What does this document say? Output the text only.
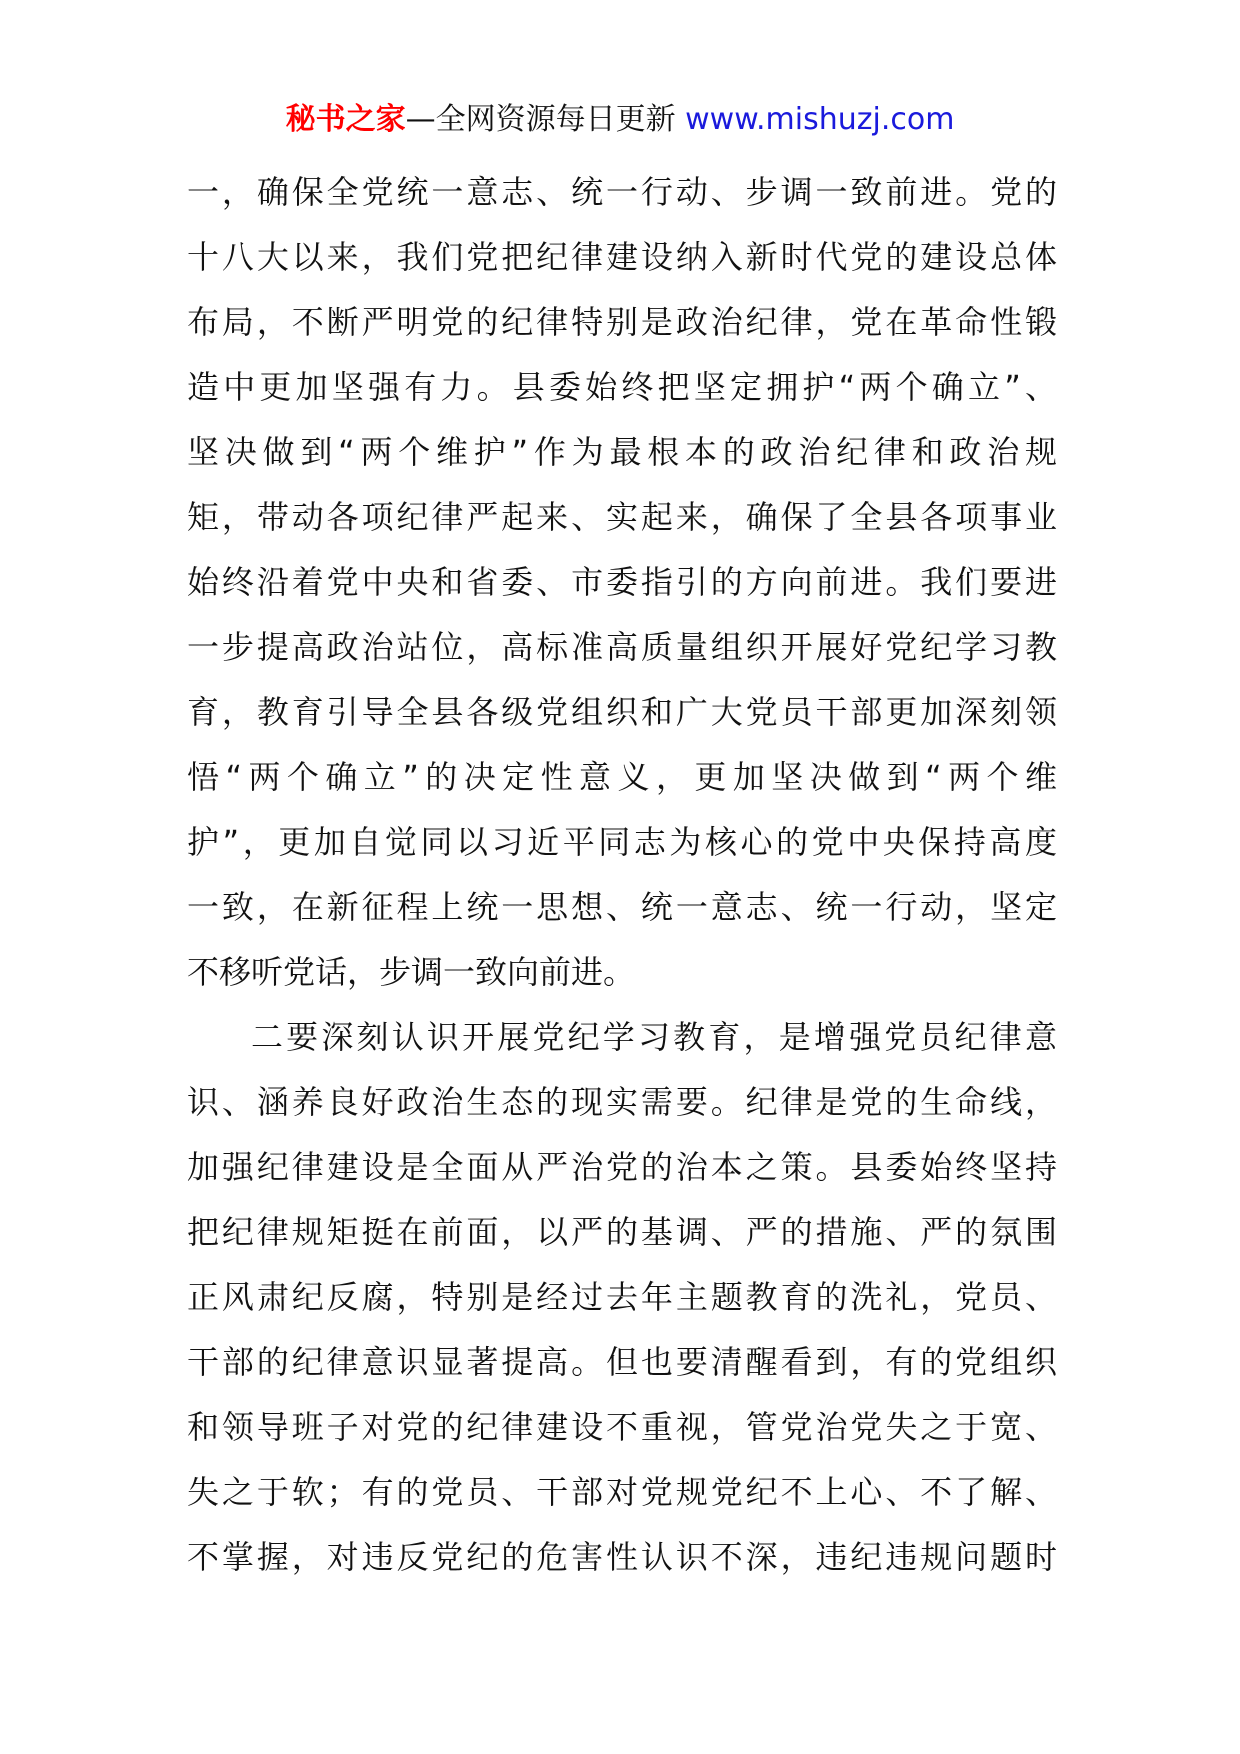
秘书之家—全网资源每日更新 www.mishuzj.com
一，确保全党统一意志、统一行动、步调一致前进。党的
十八大以来，我们党把纪律建设纳入新时代党的建设总体
布局，不断严明党的纪律特别是政治纪律，党在革命性锻
造中更加坚强有力。县委始终把坚定拥护“两个确立”、
坚决做到“两个维护”作为最根本的政治纪律和政治规
矩，带动各项纪律严起来、实起来，确保了全县各项事业
始终沿着党中央和省委、市委指引的方向前进。我们要进
一步提高政治站位，高标准高质量组织开展好党纪学习教
育，教育引导全县各级党组织和广大党员干部更加深刻领
悟“两个确立”的决定性意义，更加坚决做到“两个维
护”，更加自觉同以习近平同志为核心的党中央保持高度
一致，在新征程上统一思想、统一意志、统一行动，坚定
不移听党话，步调一致向前进。
二要深刻认识开展党纪学习教育，是增强党员纪律意
识、涵养良好政治生态的现实需要。纪律是党的生命线，
加强纪律建设是全面从严治党的治本之策。县委始终坚持
把纪律规矩挺在前面，以严的基调、严的措施、严的氛围
正风肃纪反腐，特别是经过去年主题教育的洗礼，党员、
干部的纪律意识显著提高。但也要清醒看到，有的党组织
和领导班子对党的纪律建设不重视，管党治党失之于宽、
失之于软；有的党员、干部对党规党纪不上心、不了解、
不掌握，对违反党纪的危害性认识不深，违纪违规问题时
